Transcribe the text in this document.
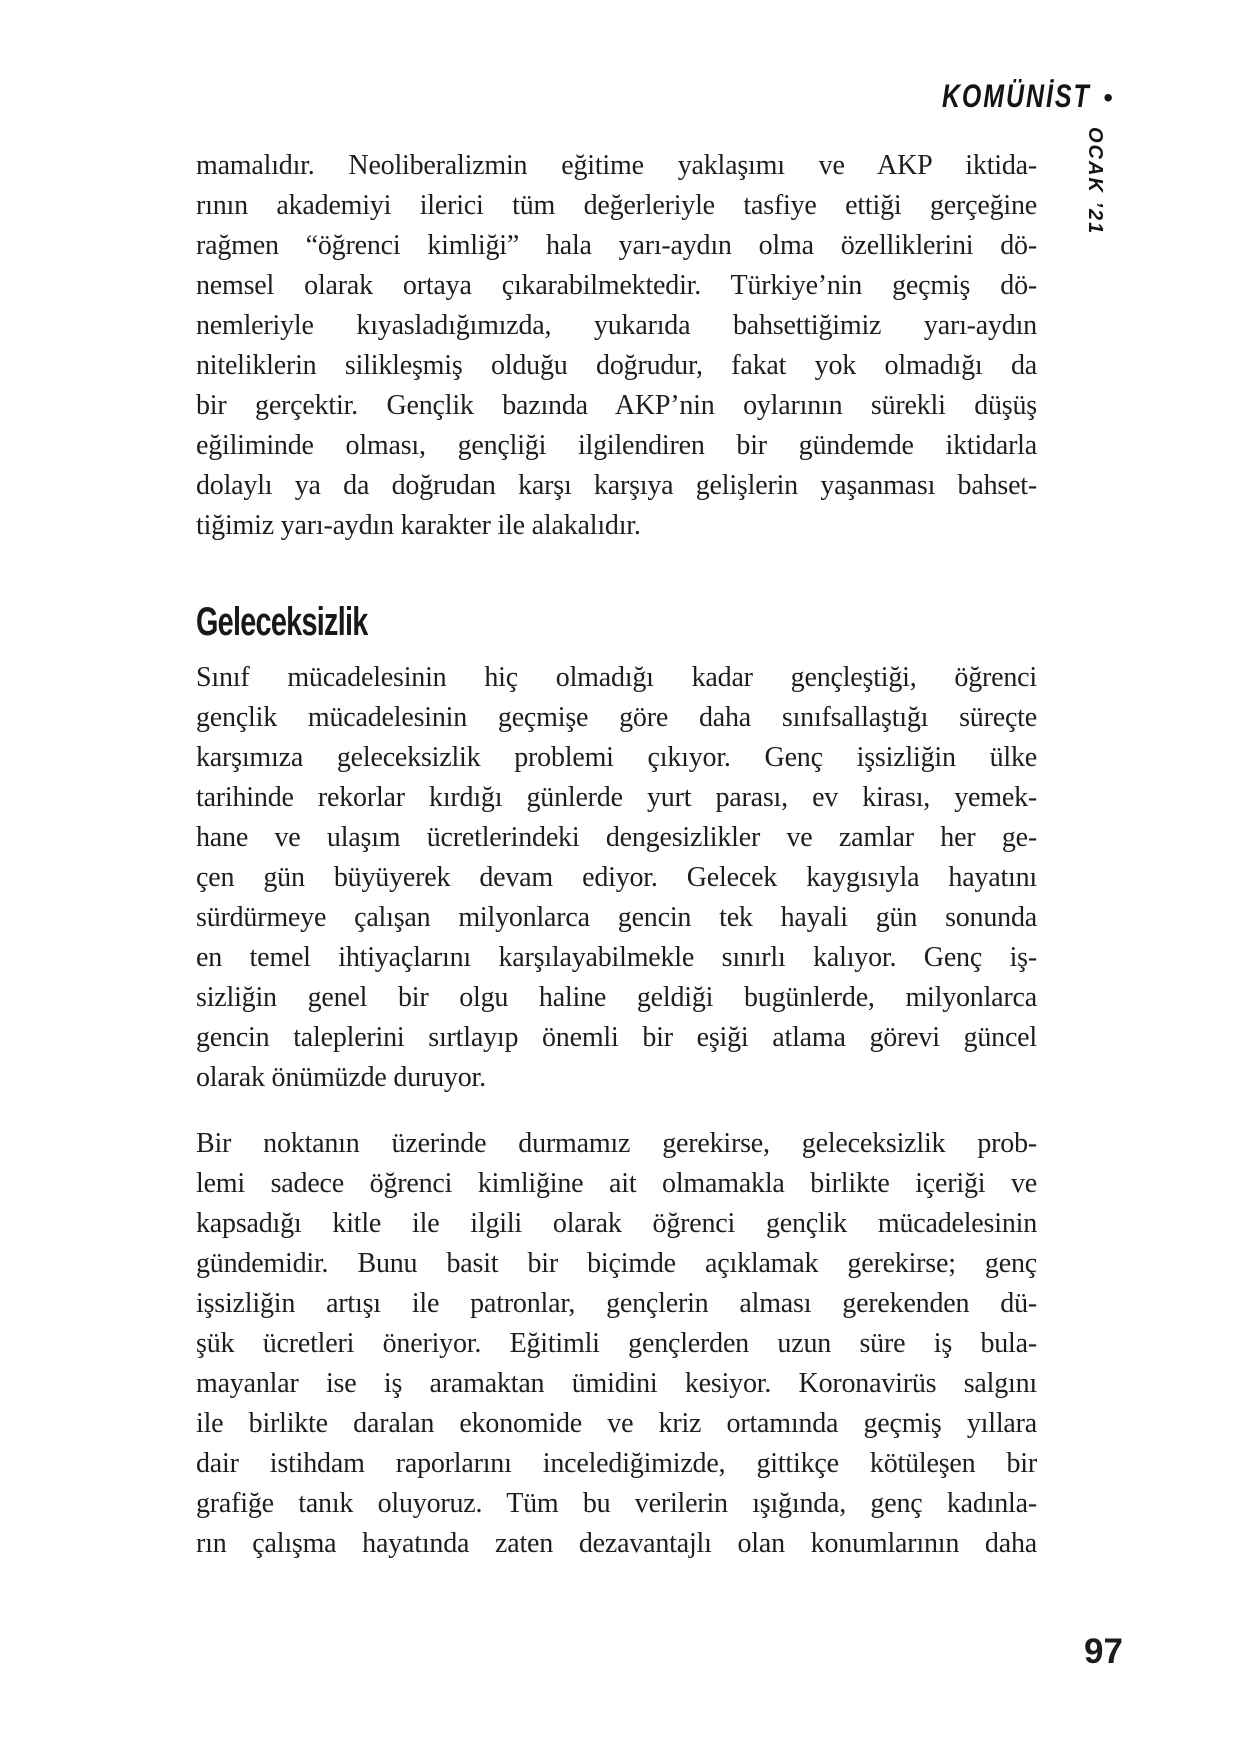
KOMÜNİST •
OCAK ’21
mamalıdır. Neoliberalizmin eğitime yaklaşımı ve AKP iktida-
rının akademiyi ilerici tüm değerleriyle tasfiye ettiği gerçeğine
rağmen “öğrenci kimliği” hala yarı-aydın olma özelliklerini dö-
nemsel olarak ortaya çıkarabilmektedir. Türkiye’nin geçmiş dö-
nemleriyle kıyasladığımızda, yukarıda bahsettiğimiz yarı-aydın
niteliklerin silikleşmiş olduğu doğrudur, fakat yok olmadığı da
bir gerçektir. Gençlik bazında AKP’nin oylarının sürekli düşüş
eğiliminde olması, gençliği ilgilendiren bir gündemde iktidarla
dolaylı ya da doğrudan karşı karşıya gelişlerin yaşanması bahset-
tiğimiz yarı-aydın karakter ile alakalıdır.
Geleceksizlik
Sınıf mücadelesinin hiç olmadığı kadar gençleştiği, öğrenci
gençlik mücadelesinin geçmişe göre daha sınıfsallaştığı süreçte
karşımıza geleceksizlik problemi çıkıyor. Genç işsizliğin ülke
tarihinde rekorlar kırdığı günlerde yurt parası, ev kirası, yemek-
hane ve ulaşım ücretlerindeki dengesizlikler ve zamlar her ge-
çen gün büyüyerek devam ediyor. Gelecek kaygısıyla hayatını
sürdürmeye çalışan milyonlarca gencin tek hayali gün sonunda
en temel ihtiyaçlarını karşılayabilmekle sınırlı kalıyor. Genç iş-
sizliğin genel bir olgu haline geldiği bugünlerde, milyonlarca
gencin taleplerini sırtlayıp önemli bir eşiği atlama görevi güncel
olarak önümüzde duruyor.
Bir noktanın üzerinde durmamız gerekirse, geleceksizlik prob-
lemi sadece öğrenci kimliğine ait olmamakla birlikte içeriği ve
kapsadığı kitle ile ilgili olarak öğrenci gençlik mücadelesinin
gündemidir. Bunu basit bir biçimde açıklamak gerekirse; genç
işsizliğin artışı ile patronlar, gençlerin alması gerekenden dü-
şük ücretleri öneriyor. Eğitimli gençlerden uzun süre iş bula-
mayanlar ise iş aramaktan ümidini kesiyor. Koronavirüs salgını
ile birlikte daralan ekonomide ve kriz ortamında geçmiş yıllara
dair istihdam raporlarını incelediğimizde, gittikçe kötüleşen bir
grafiğe tanık oluyoruz. Tüm bu verilerin ışığında, genç kadınla-
rın çalışma hayatında zaten dezavantajlı olan konumlarının daha
97
